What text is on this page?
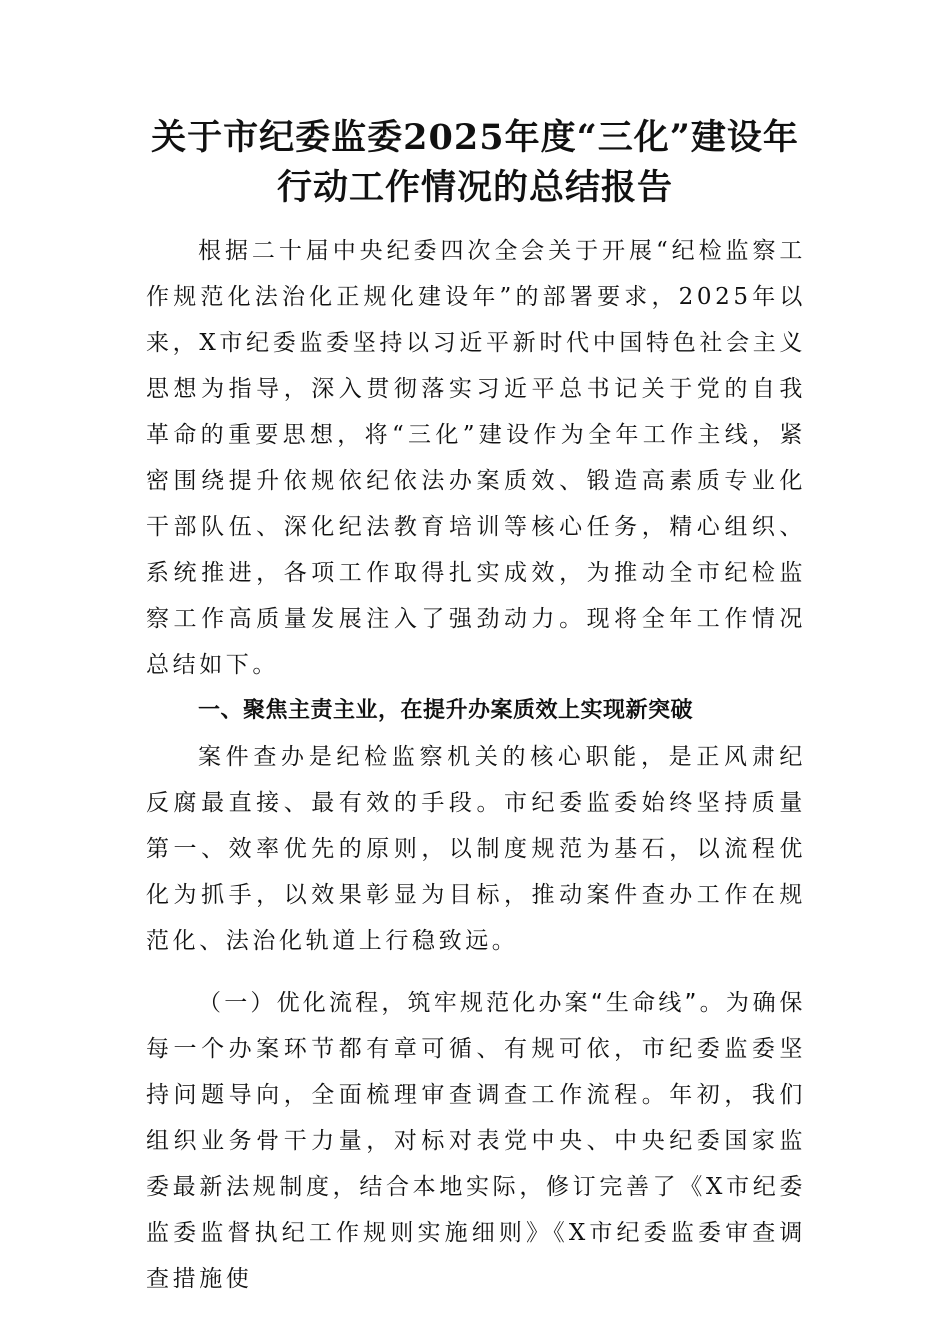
关于市纪委监委2025年度“三化”建设年
行动工作情况的总结报告

根据二十届中央纪委四次全会关于开展“纪检监察工作规范化法治化正规化建设年”的部署要求，2025年以来，X市纪委监委坚持以习近平新时代中国特色社会主义思想为指导，深入贯彻落实习近平总书记关于党的自我革命的重要思想，将“三化”建设作为全年工作主线，紧密围绕提升依规依纪依法办案质效、锻造高素质专业化干部队伍、深化纪法教育培训等核心任务，精心组织、系统推进，各项工作取得扎实成效，为推动全市纪检监察工作高质量发展注入了强劲动力。现将全年工作情况总结如下。

一、聚焦主责主业，在提升办案质效上实现新突破

案件查办是纪检监察机关的核心职能，是正风肃纪反腐最直接、最有效的手段。市纪委监委始终坚持质量第一、效率优先的原则，以制度规范为基石，以流程优化为抓手，以效果彰显为目标，推动案件查办工作在规范化、法治化轨道上行稳致远。

（一）优化流程，筑牢规范化办案“生命线”。为确保每一个办案环节都有章可循、有规可依，市纪委监委坚持问题导向，全面梳理审查调查工作流程。年初，我们组织业务骨干力量，对标对表党中央、中央纪委国家监委最新法规制度，结合本地实际，修订完善了《X市纪委监委监督执纪工作规则实施细则》《X市纪委监委审查调查措施使
